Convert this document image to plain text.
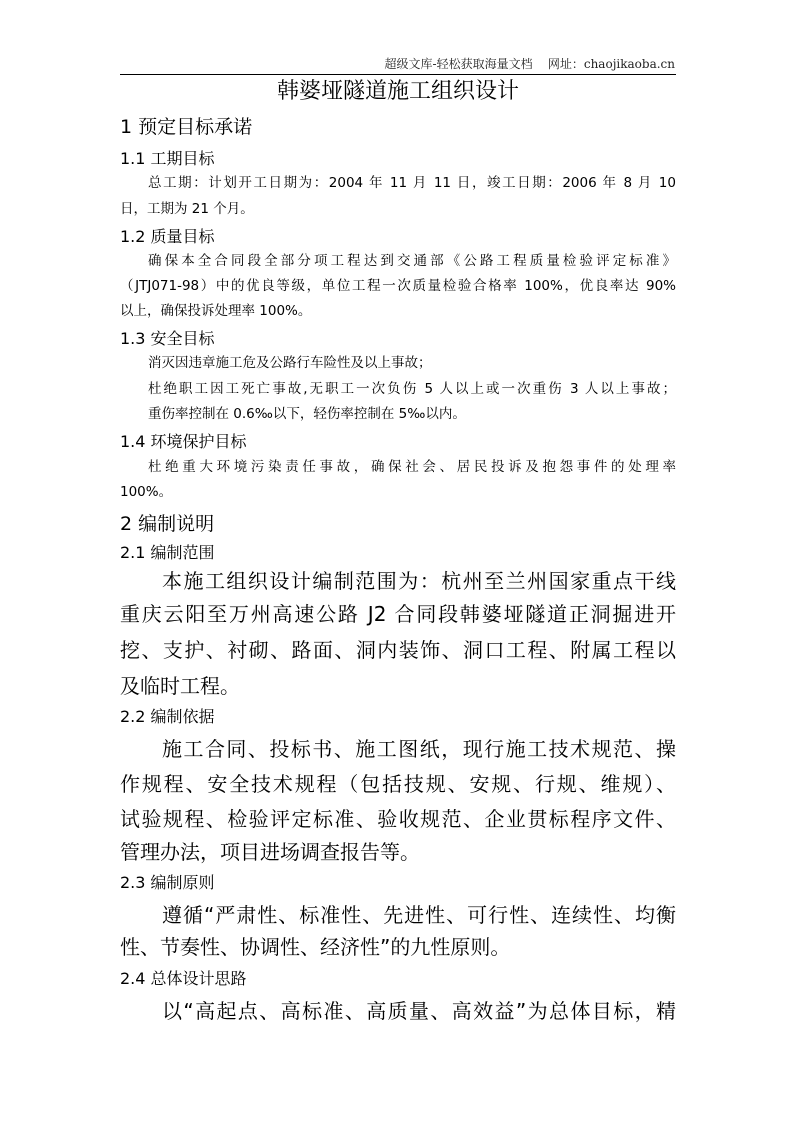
超级文库-轻松获取海量文档 网址：chaojikaoba.cn
韩婆垭隧道施工组织设计
1 预定目标承诺
1.1 工期目标
总工期：计划开工日期为：2004 年 11 月 11 日，竣工日期：2006 年 8 月 10
日，工期为 21 个月。
1.2 质量目标
确保本全合同段全部分项工程达到交通部《公路工程质量检验评定标准》
（JTJ071-98）中的优良等级，单位工程一次质量检验合格率 100%，优良率达 90%
以上，确保投诉处理率 100%。
1.3 安全目标
消灭因违章施工危及公路行车险性及以上事故；
杜绝职工因工死亡事故,无职工一次负伤 5 人以上或一次重伤 3 人以上事故；
重伤率控制在 0.6‰以下，轻伤率控制在 5‰以内。
1.4 环境保护目标
杜绝重大环境污染责任事故，确保社会、居民投诉及抱怨事件的处理率
100%。
2 编制说明
2.1 编制范围
本施工组织设计编制范围为：杭州至兰州国家重点干线
重庆云阳至万州高速公路 J2 合同段韩婆垭隧道正洞掘进开
挖、支护、衬砌、路面、洞内装饰、洞口工程、附属工程以
及临时工程。
2.2 编制依据
施工合同、投标书、施工图纸，现行施工技术规范、操
作规程、安全技术规程（包括技规、安规、行规、维规）、
试验规程、检验评定标准、验收规范、企业贯标程序文件、
管理办法，项目进场调查报告等。
2.3 编制原则
遵循“严肃性、标准性、先进性、可行性、连续性、均衡
性、节奏性、协调性、经济性”的九性原则。
2.4 总体设计思路
以“高起点、高标准、高质量、高效益”为总体目标，精
